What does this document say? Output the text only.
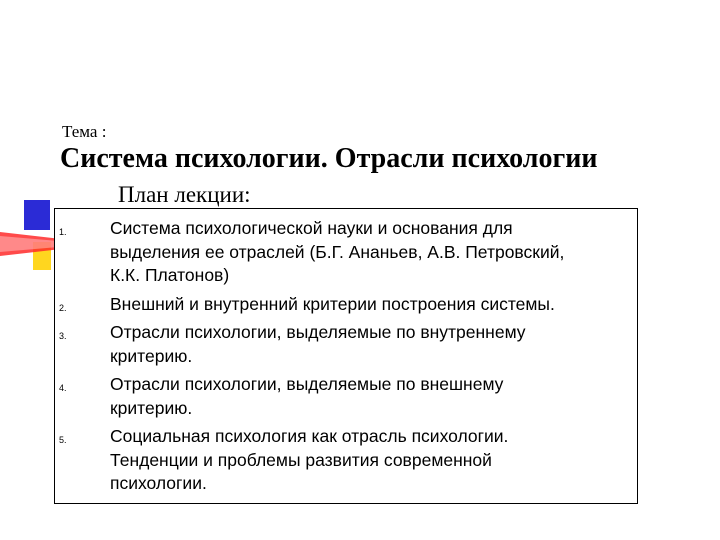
Тема :
Система психологии. Отрасли психологии
План лекции:
1. Система психологической науки и основания для
выделения ее отраслей (Б.Г. Ананьев, А.В. Петровский,
К.К. Платонов)
2. Внешний и внутренний критерии построения системы.
3. Отрасли психологии, выделяемые по внутреннему
критерию.
4. Отрасли психологии, выделяемые по внешнему
критерию.
5. Социальная психология как отрасль психологии.
Тенденции и проблемы развития современной
психологии.
